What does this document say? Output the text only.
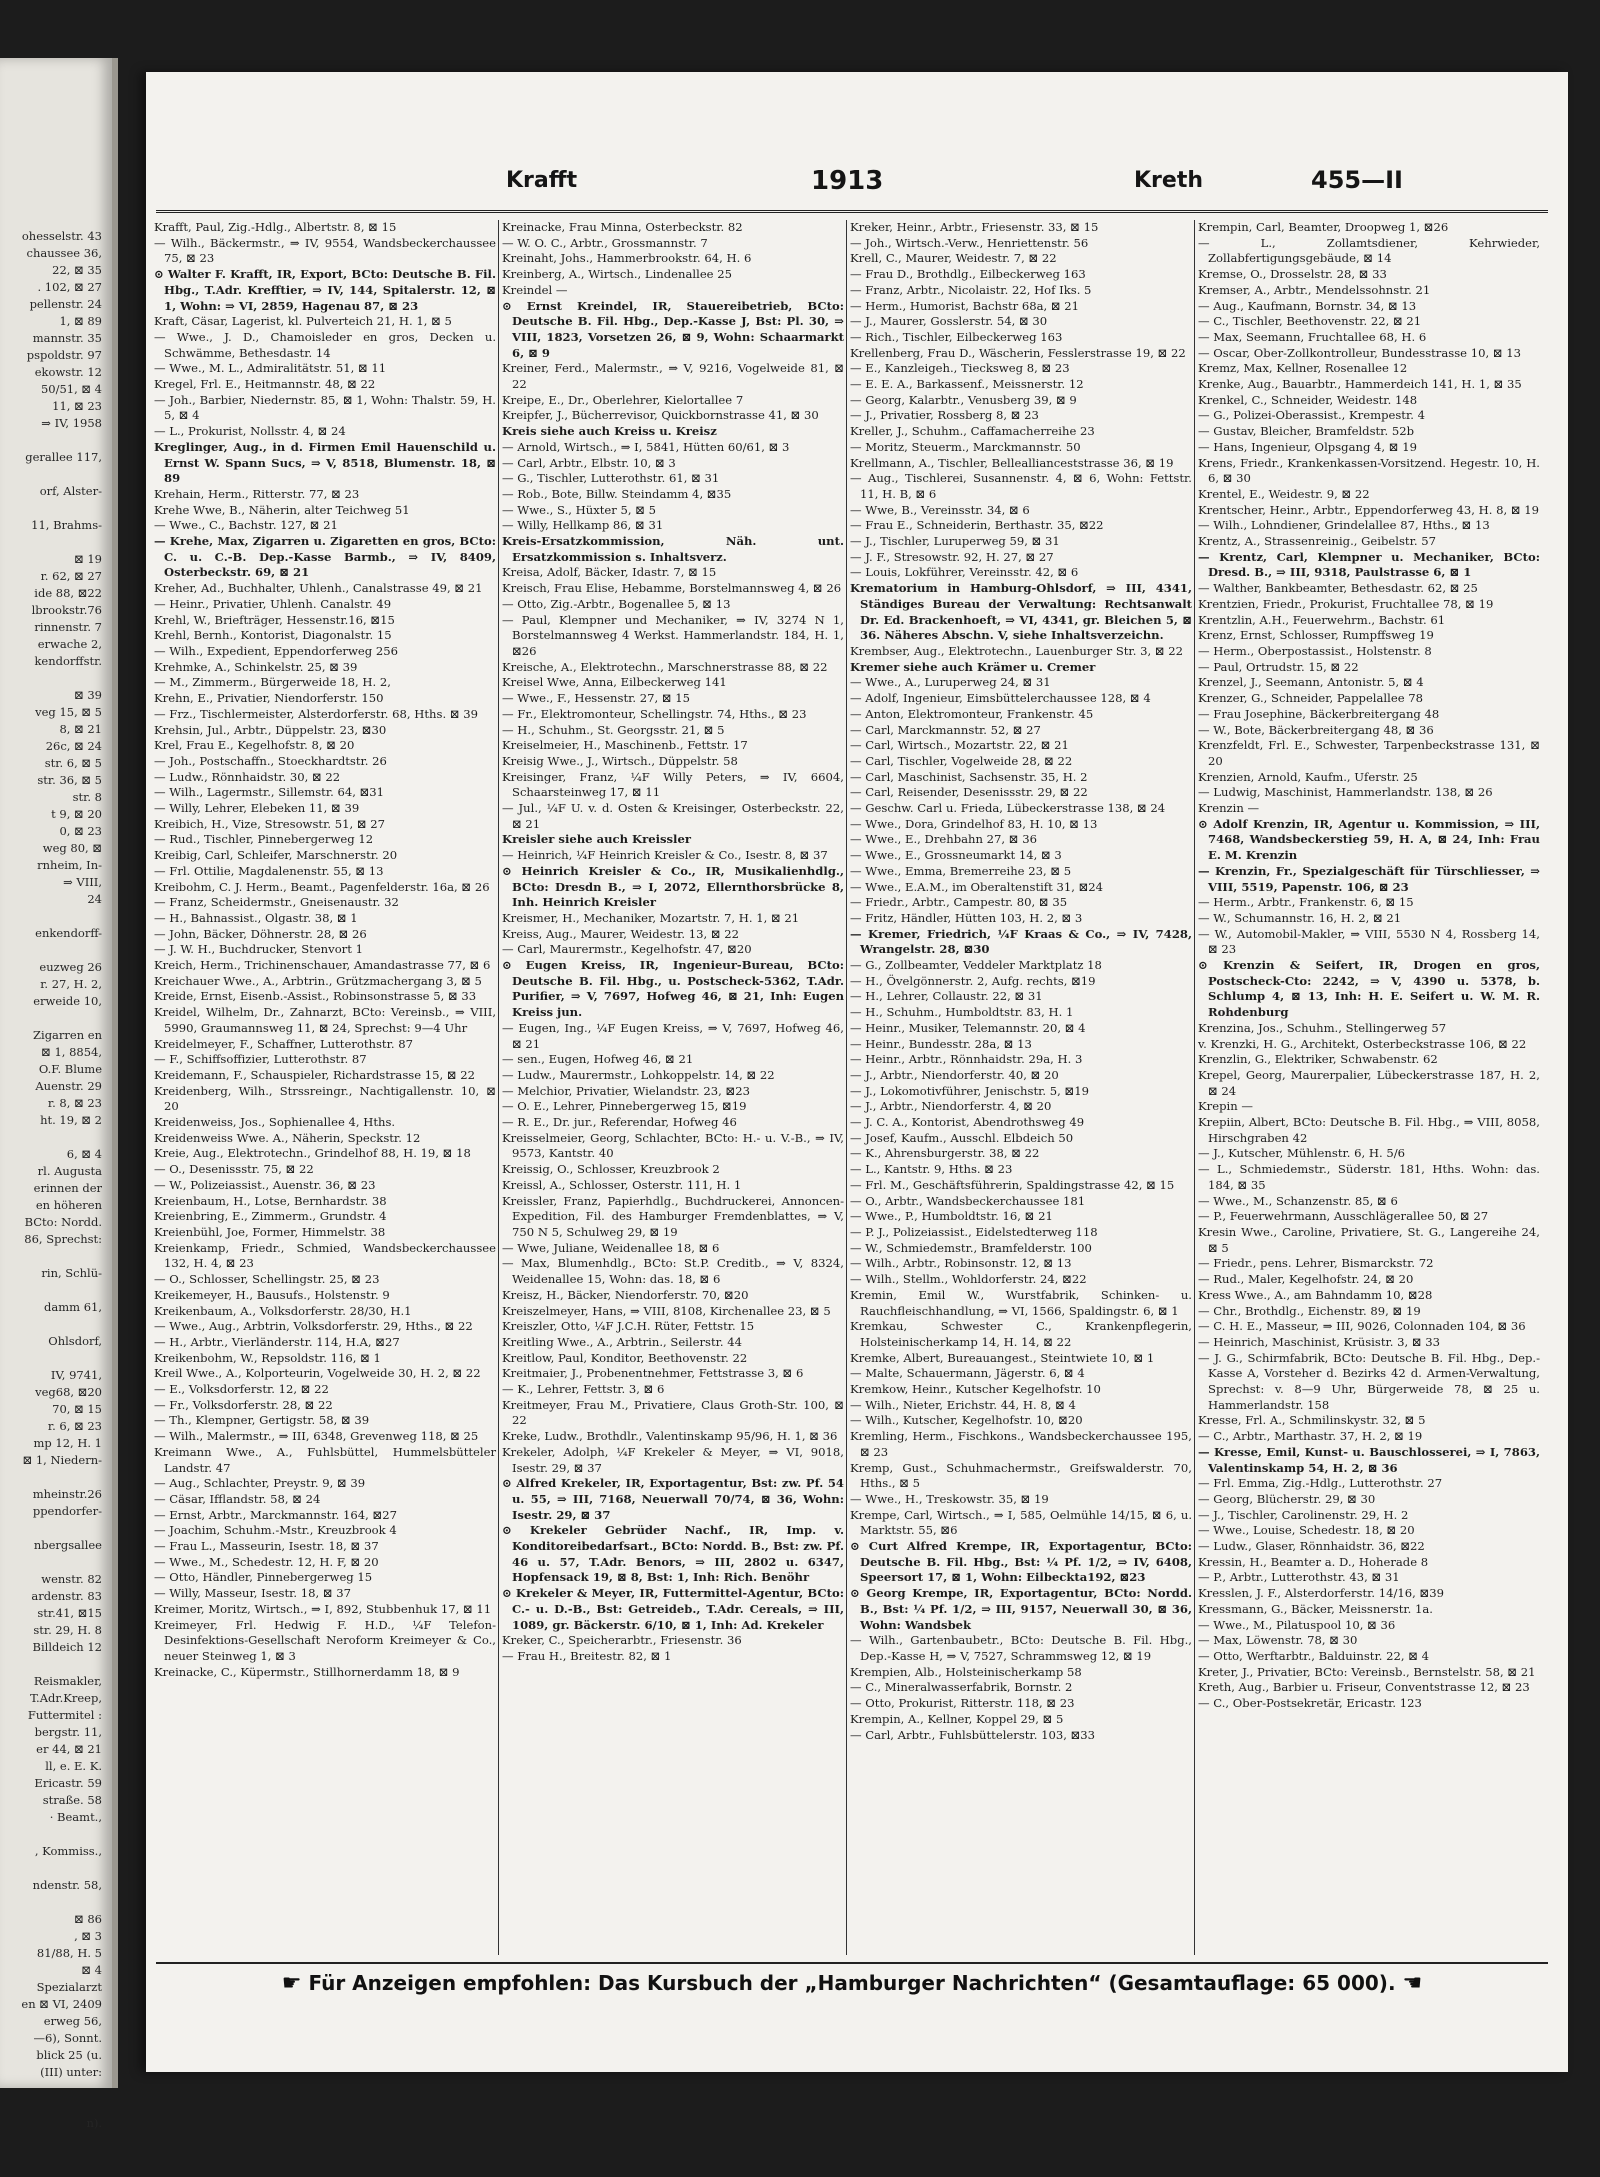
ohesselstr. 43
chaussee 36,
22, ⊠ 35
. 102, ⊠ 27
pellenstr. 24
1, ⊠ 89
mannstr. 35
pspoldstr. 97
ekowstr. 12
50/51, ⊠ 4
11, ⊠ 23
⇒ IV, 1958

gerallee 117,

orf, Alster-

11, Brahms-

⊠ 19
r. 62, ⊠ 27
ide 88, ⊠22
lbrookstr.76
rinnenstr. 7
erwache 2,
kendorffstr.

⊠ 39
veg 15, ⊠ 5
8, ⊠ 21
26c, ⊠ 24
str. 6, ⊠ 5
str. 36, ⊠ 5
str. 8
t 9, ⊠ 20
0, ⊠ 23
weg 80, ⊠
rnheim, In-
⇒ VIII,
24

enkendorff-

euzweg 26
r. 27, H. 2,
erweide 10,

Zigarren en
⊠ 1, 8854,
O.F. Blume
Auenstr. 29
r. 8, ⊠ 23
ht. 19, ⊠ 2

6, ⊠ 4
rl. Augusta
erinnen der
en höheren
BCto: Nordd.
86, Sprechst:

rin, Schlü-

damm 61,

Ohlsdorf,

IV, 9741,
veg68, ⊠20
70, ⊠ 15
r. 6, ⊠ 23
mp 12, H. 1
⊠ 1, Niedern-

mheinstr.26
ppendorfer-

nbergsallee

wenstr. 82
ardenstr. 83
str.41, ⊠15
str. 29, H. 8
Billdeich 12

Reismakler,
T.Adr.Kreep,
Futtermitel :
bergstr. 11,
er 44, ⊠ 21
ll, e. E. K.
Ericastr. 59
straße. 58
· Beamt.,

, Kommiss.,

ndenstr. 58,

⊠ 86
, ⊠ 3
81/88, H. 5
⊠ 4
Spezialarzt
en ⊠ VI, 2409
erweg 56,
—6), Sonnt.
blick 25 (u.
(III) unter:

n).
Krafft	1913	Kreth	455—II

Krafft, Paul, Zig.-Hdlg., Albertstr. 8, ⊠ 15

— Wilh., Bäckermstr., ⇒ IV, 9554, Wandsbeckerchaussee 75, ⊠ 23

⊙ Walter F. Krafft, IR, Export, BCto: Deutsche B. Fil. Hbg., T.Adr. Krefftier, ⇒ IV, 144, Spitalerstr. 12, ⊠ 1, Wohn: ⇒ VI, 2859, Hagenau 87, ⊠ 23

Kraft, Cäsar, Lagerist, kl. Pulverteich 21, H. 1, ⊠ 5

— Wwe., J. D., Chamoisleder en gros, Decken u. Schwämme, Bethesdastr. 14

— Wwe., M. L., Admiralitätstr. 51, ⊠ 11

Kregel, Frl. E., Heitmannstr. 48, ⊠ 22

— Joh., Barbier, Niedernstr. 85, ⊠ 1, Wohn: Thalstr. 59, H. 5, ⊠ 4

— L., Prokurist, Nollsstr. 4, ⊠ 24

Kreglinger, Aug., in d. Firmen Emil Hauenschild u. Ernst W. Spann Sucs, ⇒ V, 8518, Blumenstr. 18, ⊠ 89

Krehain, Herm., Ritterstr. 77, ⊠ 23

Krehe Wwe, B., Näherin, alter Teichweg 51

— Wwe., C., Bachstr. 127, ⊠ 21

— Krehe, Max, Zigarren u. Zigaretten en gros, BCto: C. u. C.-B. Dep.-Kasse Barmb., ⇒ IV, 8409, Osterbeckstr. 69, ⊠ 21

Kreher, Ad., Buchhalter, Uhlenh., Canalstrasse 49, ⊠ 21

— Heinr., Privatier, Uhlenh. Canalstr. 49

Krehl, W., Briefträger, Hessenstr.16, ⊠15

Krehl, Bernh., Kontorist, Diagonalstr. 15

— Wilh., Expedient, Eppendorferweg 256

Krehmke, A., Schinkelstr. 25, ⊠ 39

— M., Zimmerm., Bürgerweide 18, H. 2,

Krehn, E., Privatier, Niendorferstr. 150

— Frz., Tischlermeister, Alsterdorferstr. 68, Hths. ⊠ 39

Krehsin, Jul., Arbtr., Düppelstr. 23, ⊠30

Krel, Frau E., Kegelhofstr. 8, ⊠ 20

— Joh., Postschaffn., Stoeckhardtstr. 26

— Ludw., Rönnhaidstr. 30, ⊠ 22

— Wilh., Lagermstr., Sillemstr. 64, ⊠31

— Willy, Lehrer, Elebeken 11, ⊠ 39

Kreibich, H., Vize, Stresowstr. 51, ⊠ 27

— Rud., Tischler, Pinnebergerweg 12

Kreibig, Carl, Schleifer, Marschnerstr. 20

— Frl. Ottilie, Magdalenenstr. 55, ⊠ 13

Kreibohm, C. J. Herm., Beamt., Pagenfelderstr. 16a, ⊠ 26

— Franz, Scheidermstr., Gneisenaustr. 32

— H., Bahnassist., Olgastr. 38, ⊠ 1

— John, Bäcker, Döhnerstr. 28, ⊠ 26

— J. W. H., Buchdrucker, Stenvort 1

Kreich, Herm., Trichinenschauer, Amandastrasse 77, ⊠ 6

Kreichauer Wwe., A., Arbtrin., Grützmachergang 3, ⊠ 5

Kreide, Ernst, Eisenb.-Assist., Robinsonstrasse 5, ⊠ 33

Kreidel, Wilhelm, Dr., Zahnarzt, BCto: Vereinsb., ⇒ VIII, 5990, Graumannsweg 11, ⊠ 24, Sprechst: 9—4 Uhr

Kreidelmeyer, F., Schaffner, Lutterothstr. 87

— F., Schiffsoffizier, Lutterothstr. 87

Kreidemann, F., Schauspieler, Richardstrasse 15, ⊠ 22

Kreidenberg, Wilh., Strssreingr., Nachtigallenstr. 10, ⊠ 20

Kreidenweiss, Jos., Sophienallee 4, Hths.

Kreidenweiss Wwe. A., Näherin, Speckstr. 12

Kreie, Aug., Elektrotechn., Grindelhof 88, H. 19, ⊠ 18

— O., Desenissstr. 75, ⊠ 22

— W., Polizeiassist., Auenstr. 36, ⊠ 23

Kreienbaum, H., Lotse, Bernhardstr. 38

Kreienbring, E., Zimmerm., Grundstr. 4

Kreienbühl, Joe, Former, Himmelstr. 38

Kreienkamp, Friedr., Schmied, Wandsbeckerchaussee 132, H. 4, ⊠ 23

— O., Schlosser, Schellingstr. 25, ⊠ 23

Kreikemeyer, H., Bausufs., Holstenstr. 9

Kreikenbaum, A., Volksdorferstr. 28/30, H.1

— Wwe., Aug., Arbtrin, Volksdorferstr. 29, Hths., ⊠ 22

— H., Arbtr., Vierländerstr. 114, H.A, ⊠27

Kreikenbohm, W., Repsoldstr. 116, ⊠ 1

Kreil Wwe., A., Kolporteurin, Vogelweide 30, H. 2, ⊠ 22

— E., Volksdorferstr. 12, ⊠ 22

— Fr., Volksdorferstr. 28, ⊠ 22

— Th., Klempner, Gertigstr. 58, ⊠ 39

— Wilh., Malermstr., ⇒ III, 6348, Grevenweg 118, ⊠ 25

Kreimann Wwe., A., Fuhlsbüttel, Hummelsbütteler Landstr. 47

— Aug., Schlachter, Preystr. 9, ⊠ 39

— Cäsar, Ifflandstr. 58, ⊠ 24

— Ernst, Arbtr., Marckmannstr. 164, ⊠27

— Joachim, Schuhm.-Mstr., Kreuzbrook 4

— Frau L., Masseurin, Isestr. 18, ⊠ 37

— Wwe., M., Schedestr. 12, H. F, ⊠ 20

— Otto, Händler, Pinnebergerweg 15

— Willy, Masseur, Isestr. 18, ⊠ 37

Kreimer, Moritz, Wirtsch., ⇒ I, 892, Stubbenhuk 17, ⊠ 11

Kreimeyer, Frl. Hedwig F. H.D., ¼F Telefon-Desinfektions-Gesellschaft Neroform Kreimeyer & Co., neuer Steinweg 1, ⊠ 3

Kreinacke, C., Küpermstr., Stillhornerdamm 18, ⊠ 9

Kreinacke, Frau Minna, Osterbeckstr. 82

— W. O. C., Arbtr., Grossmannstr. 7

Kreinaht, Johs., Hammerbrookstr. 64, H. 6

Kreinberg, A., Wirtsch., Lindenallee 25

Kreindel —

⊙ Ernst Kreindel, IR, Stauereibetrieb, BCto: Deutsche B. Fil. Hbg., Dep.-Kasse J, Bst: Pl. 30, ⇒ VIII, 1823, Vorsetzen 26, ⊠ 9, Wohn: Schaarmarkt 6, ⊠ 9

Kreiner, Ferd., Malermstr., ⇒ V, 9216, Vogelweide 81, ⊠ 22

Kreipe, E., Dr., Oberlehrer, Kielortallee 7

Kreipfer, J., Bücherrevisor, Quickbornstrasse 41, ⊠ 30

Kreis siehe auch Kreiss u. Kreisz

— Arnold, Wirtsch., ⇒ I, 5841, Hütten 60/61, ⊠ 3

— Carl, Arbtr., Elbstr. 10, ⊠ 3

— G., Tischler, Lutterothstr. 61, ⊠ 31

— Rob., Bote, Billw. Steindamm 4, ⊠35

— Wwe., S., Hüxter 5, ⊠ 5

— Willy, Hellkamp 86, ⊠ 31

Kreis-Ersatzkommission, Näh. unt. Ersatzkommission s. Inhaltsverz.

Kreisa, Adolf, Bäcker, Idastr. 7, ⊠ 15

Kreisch, Frau Elise, Hebamme, Borstelmannsweg 4, ⊠ 26

— Otto, Zig.-Arbtr., Bogenallee 5, ⊠ 13

— Paul, Klempner und Mechaniker, ⇒ IV, 3274 N 1, Borstelmannsweg 4 Werkst. Hammerlandstr. 184, H. 1, ⊠26

Kreische, A., Elektrotechn., Marschnerstrasse 88, ⊠ 22

Kreisel Wwe, Anna, Eilbeckerweg 141

— Wwe., F., Hessenstr. 27, ⊠ 15

— Fr., Elektromonteur, Schellingstr. 74, Hths., ⊠ 23

— H., Schuhm., St. Georgsstr. 21, ⊠ 5

Kreiselmeier, H., Maschinenb., Fettstr. 17

Kreisig Wwe., J., Wirtsch., Düppelstr. 58

Kreisinger, Franz, ¼F Willy Peters, ⇒ IV, 6604, Schaarsteinweg 17, ⊠ 11

— Jul., ¼F U. v. d. Osten & Kreisinger, Osterbeckstr. 22, ⊠ 21

Kreisler siehe auch Kreissler

— Heinrich, ¼F Heinrich Kreisler & Co., Isestr. 8, ⊠ 37

⊙ Heinrich Kreisler & Co., IR, Musikalienhdlg., BCto: Dresdn B., ⇒ I, 2072, Ellernthorsbrücke 8, Inh. Heinrich Kreisler

Kreismer, H., Mechaniker, Mozartstr. 7, H. 1, ⊠ 21

Kreiss, Aug., Maurer, Weidestr. 13, ⊠ 22

— Carl, Maurermstr., Kegelhofstr. 47, ⊠20

⊙ Eugen Kreiss, IR, Ingenieur-Bureau, BCto: Deutsche B. Fil. Hbg., u. Postscheck-5362, T.Adr. Purifier, ⇒ V, 7697, Hofweg 46, ⊠ 21, Inh: Eugen Kreiss jun.

— Eugen, Ing., ¼F Eugen Kreiss, ⇒ V, 7697, Hofweg 46, ⊠ 21

— sen., Eugen, Hofweg 46, ⊠ 21

— Ludw., Maurermstr., Lohkoppelstr. 14, ⊠ 22

— Melchior, Privatier, Wielandstr. 23, ⊠23

— O. E., Lehrer, Pinnebergerweg 15, ⊠19

— R. E., Dr. jur., Referendar, Hofweg 46

Kreisselmeier, Georg, Schlachter, BCto: H.- u. V.-B., ⇒ IV, 9573, Kantstr. 40

Kreissig, O., Schlosser, Kreuzbrook 2

Kreissl, A., Schlosser, Osterstr. 111, H. 1

Kreissler, Franz, Papierhdlg., Buchdruckerei, Annoncen-Expedition, Fil. des Hamburger Fremdenblattes, ⇒ V, 750 N 5, Schulweg 29, ⊠ 19

— Wwe, Juliane, Weidenallee 18, ⊠ 6

— Max, Blumenhdlg., BCto: St.P. Creditb., ⇒ V, 8324, Weidenallee 15, Wohn: das. 18, ⊠ 6

Kreisz, H., Bäcker, Niendorferstr. 70, ⊠20

Kreiszelmeyer, Hans, ⇒ VIII, 8108, Kirchenallee 23, ⊠ 5

Kreiszler, Otto, ¼F J.C.H. Rüter, Fettstr. 15

Kreitling Wwe., A., Arbtrin., Seilerstr. 44

Kreitlow, Paul, Konditor, Beethovenstr. 22

Kreitmaier, J., Probenentnehmer, Fettstrasse 3, ⊠ 6

— K., Lehrer, Fettstr. 3, ⊠ 6

Kreitmeyer, Frau M., Privatiere, Claus Groth-Str. 100, ⊠ 22

Kreke, Ludw., Brothdlr., Valentinskamp 95/96, H. 1, ⊠ 36

Krekeler, Adolph, ¼F Krekeler & Meyer, ⇒ VI, 9018, Isestr. 29, ⊠ 37

⊙ Alfred Krekeler, IR, Exportagentur, Bst: zw. Pf. 54 u. 55, ⇒ III, 7168, Neuerwall 70/74, ⊠ 36, Wohn: Isestr. 29, ⊠ 37

⊙ Krekeler Gebrüder Nachf., IR, Imp. v. Konditoreibedarfsart., BCto: Nordd. B., Bst: zw. Pf. 46 u. 57, T.Adr. Benors, ⇒ III, 2802 u. 6347, Hopfensack 19, ⊠ 8, Bst: 1, Inh: Rich. Benöhr

⊙ Krekeler & Meyer, IR, Futtermittel-Agentur, BCto: C.- u. D.-B., Bst: Getreideb., T.Adr. Cereals, ⇒ III, 1089, gr. Bäckerstr. 6/10, ⊠ 1, Inh: Ad. Krekeler

Kreker, C., Speicherarbtr., Friesenstr. 36

— Frau H., Breitestr. 82, ⊠ 1

Kreker, Heinr., Arbtr., Friesenstr. 33, ⊠ 15

— Joh., Wirtsch.-Verw., Henriettenstr. 56

Krell, C., Maurer, Weidestr. 7, ⊠ 22

— Frau D., Brothdlg., Eilbeckerweg 163

— Franz, Arbtr., Nicolaistr. 22, Hof Iks. 5

— Herm., Humorist, Bachstr 68a, ⊠ 21

— J., Maurer, Gosslerstr. 54, ⊠ 30

— Rich., Tischler, Eilbeckerweg 163

Krellenberg, Frau D., Wäscherin, Fesslerstrasse 19, ⊠ 22

— E., Kanzleigeh., Tiecksweg 8, ⊠ 23

— E. E. A., Barkassenf., Meissnerstr. 12

— Georg, Kalarbtr., Venusberg 39, ⊠ 9

— J., Privatier, Rossberg 8, ⊠ 23

Kreller, J., Schuhm., Caffamacherreihe 23

— Moritz, Steuerm., Marckmannstr. 50

Krellmann, A., Tischler, Belleallianceststrasse 36, ⊠ 19

— Aug., Tischlerei, Susannenstr. 4, ⊠ 6, Wohn: Fettstr. 11, H. B, ⊠ 6

— Wwe, B., Vereinsstr. 34, ⊠ 6

— Frau E., Schneiderin, Berthastr. 35, ⊠22

— J., Tischler, Luruperweg 59, ⊠ 31

— J. F., Stresowstr. 92, H. 27, ⊠ 27

— Louis, Lokführer, Vereinsstr. 42, ⊠ 6

Krematorium in Hamburg-Ohlsdorf, ⇒ III, 4341, Ständiges Bureau der Verwaltung: Rechtsanwalt Dr. Ed. Brackenhoeft, ⇒ VI, 4341, gr. Bleichen 5, ⊠ 36. Näheres Abschn. V, siehe Inhaltsverzeichn.

Krembser, Aug., Elektrotechn., Lauenburger Str. 3, ⊠ 22

Kremer siehe auch Krämer u. Cremer

— Wwe., A., Luruperweg 24, ⊠ 31

— Adolf, Ingenieur, Eimsbüttelerchaussee 128, ⊠ 4

— Anton, Elektromonteur, Frankenstr. 45

— Carl, Marckmannstr. 52, ⊠ 27

— Carl, Wirtsch., Mozartstr. 22, ⊠ 21

— Carl, Tischler, Vogelweide 28, ⊠ 22

— Carl, Maschinist, Sachsenstr. 35, H. 2

— Carl, Reisender, Desenissstr. 29, ⊠ 22

— Geschw. Carl u. Frieda, Lübeckerstrasse 138, ⊠ 24

— Wwe., Dora, Grindelhof 83, H. 10, ⊠ 13

— Wwe., E., Drehbahn 27, ⊠ 36

— Wwe., E., Grossneumarkt 14, ⊠ 3

— Wwe., Emma, Bremerreihe 23, ⊠ 5

— Wwe., E.A.M., im Oberaltenstift 31, ⊠24

— Friedr., Arbtr., Campestr. 80, ⊠ 35

— Fritz, Händler, Hütten 103, H. 2, ⊠ 3

— Kremer, Friedrich, ¼F Kraas & Co., ⇒ IV, 7428, Wrangelstr. 28, ⊠30

— G., Zollbeamter, Veddeler Marktplatz 18

— H., Övelgönnerstr. 2, Aufg. rechts, ⊠19

— H., Lehrer, Collaustr. 22, ⊠ 31

— H., Schuhm., Humboldtstr. 83, H. 1

— Heinr., Musiker, Telemannstr. 20, ⊠ 4

— Heinr., Bundesstr. 28a, ⊠ 13

— Heinr., Arbtr., Rönnhaidstr. 29a, H. 3

— J., Arbtr., Niendorferstr. 40, ⊠ 20

— J., Lokomotivführer, Jenischstr. 5, ⊠19

— J., Arbtr., Niendorferstr. 4, ⊠ 20

— J. C. A., Kontorist, Abendrothsweg 49

— Josef, Kaufm., Ausschl. Elbdeich 50

— K., Ahrensburgerstr. 38, ⊠ 22

— L., Kantstr. 9, Hths. ⊠ 23

— Frl. M., Geschäftsführerin, Spaldingstrasse 42, ⊠ 15

— O., Arbtr., Wandsbeckerchaussee 181

— Wwe., P., Humboldtstr. 16, ⊠ 21

— P. J., Polizeiassist., Eidelstedterweg 118

— W., Schmiedemstr., Bramfelderstr. 100

— Wilh., Arbtr., Robinsonstr. 12, ⊠ 13

— Wilh., Stellm., Wohldorferstr. 24, ⊠22

Kremin, Emil W., Wurstfabrik, Schinken- u. Rauchfleischhandlung, ⇒ VI, 1566, Spaldingstr. 6, ⊠ 1

Kremkau, Schwester C., Krankenpflegerin, Holsteinischerkamp 14, H. 14, ⊠ 22

Kremke, Albert, Bureauangest., Steintwiete 10, ⊠ 1

— Malte, Schauermann, Jägerstr. 6, ⊠ 4

Kremkow, Heinr., Kutscher Kegelhofstr. 10

— Wilh., Nieter, Erichstr. 44, H. 8, ⊠ 4

— Wilh., Kutscher, Kegelhofstr. 10, ⊠20

Kremling, Herm., Fischkons., Wandsbeckerchaussee 195, ⊠ 23

Kremp, Gust., Schuhmachermstr., Greifswalderstr. 70, Hths., ⊠ 5

— Wwe., H., Treskowstr. 35, ⊠ 19

Krempe, Carl, Wirtsch., ⇒ I, 585, Oelmühle 14/15, ⊠ 6, u. Marktstr. 55, ⊠6

⊙ Curt Alfred Krempe, IR, Exportagentur, BCto: Deutsche B. Fil. Hbg., Bst: ¼ Pf. 1/2, ⇒ IV, 6408, Speersort 17, ⊠ 1, Wohn: Eilbeckta192, ⊠23

⊙ Georg Krempe, IR, Exportagentur, BCto: Nordd. B., Bst: ¼ Pf. 1/2, ⇒ III, 9157, Neuerwall 30, ⊠ 36, Wohn: Wandsbek

— Wilh., Gartenbaubetr., BCto: Deutsche B. Fil. Hbg., Dep.-Kasse H, ⇒ V, 7527, Schrammsweg 12, ⊠ 19

Krempien, Alb., Holsteinischerkamp 58

— C., Mineralwasserfabrik, Bornstr. 2

— Otto, Prokurist, Ritterstr. 118, ⊠ 23

Krempin, A., Kellner, Koppel 29, ⊠ 5

— Carl, Arbtr., Fuhlsbüttelerstr. 103, ⊠33

Krempin, Carl, Beamter, Droopweg 1, ⊠26

— L., Zollamtsdiener, Kehrwieder, Zollabfertigungsgebäude, ⊠ 14

Kremse, O., Drosselstr. 28, ⊠ 33

Kremser, A., Arbtr., Mendelssohnstr. 21

— Aug., Kaufmann, Bornstr. 34, ⊠ 13

— C., Tischler, Beethovenstr. 22, ⊠ 21

— Max, Seemann, Fruchtallee 68, H. 6

— Oscar, Ober-Zollkontrolleur, Bundesstrasse 10, ⊠ 13

Kremz, Max, Kellner, Rosenallee 12

Krenke, Aug., Bauarbtr., Hammerdeich 141, H. 1, ⊠ 35

Krenkel, C., Schneider, Weidestr. 148

— G., Polizei-Oberassist., Krempestr. 4

— Gustav, Bleicher, Bramfeldstr. 52b

— Hans, Ingenieur, Olpsgang 4, ⊠ 19

Krens, Friedr., Krankenkassen-Vorsitzend. Hegestr. 10, H. 6, ⊠ 30

Krentel, E., Weidestr. 9, ⊠ 22

Krentscher, Heinr., Arbtr., Eppendorferweg 43, H. 8, ⊠ 19

— Wilh., Lohndiener, Grindelallee 87, Hths., ⊠ 13

Krentz, A., Strassenreinig., Geibelstr. 57

— Krentz, Carl, Klempner u. Mechaniker, BCto: Dresd. B., ⇒ III, 9318, Paulstrasse 6, ⊠ 1

— Walther, Bankbeamter, Bethesdastr. 62, ⊠ 25

Krentzien, Friedr., Prokurist, Fruchtallee 78, ⊠ 19

Krentzlin, A.H., Feuerwehrm., Bachstr. 61

Krenz, Ernst, Schlosser, Rumpffsweg 19

— Herm., Oberpostassist., Holstenstr. 8

— Paul, Ortrudstr. 15, ⊠ 22

Krenzel, J., Seemann, Antonistr. 5, ⊠ 4

Krenzer, G., Schneider, Pappelallee 78

— Frau Josephine, Bäckerbreitergang 48

— W., Bote, Bäckerbreitergang 48, ⊠ 36

Krenzfeldt, Frl. E., Schwester, Tarpenbeckstrasse 131, ⊠ 20

Krenzien, Arnold, Kaufm., Uferstr. 25

— Ludwig, Maschinist, Hammerlandstr. 138, ⊠ 26

Krenzin —

⊙ Adolf Krenzin, IR, Agentur u. Kommission, ⇒ III, 7468, Wandsbeckerstieg 59, H. A, ⊠ 24, Inh: Frau E. M. Krenzin

— Krenzin, Fr., Spezialgeschäft für Türschliesser, ⇒ VIII, 5519, Papenstr. 106, ⊠ 23

— Herm., Arbtr., Frankenstr. 6, ⊠ 15

— W., Schumannstr. 16, H. 2, ⊠ 21

— W., Automobil-Makler, ⇒ VIII, 5530 N 4, Rossberg 14, ⊠ 23

⊙ Krenzin & Seifert, IR, Drogen en gros, Postscheck-Cto: 2242, ⇒ V, 4390 u. 5378, b. Schlump 4, ⊠ 13, Inh: H. E. Seifert u. W. M. R. Rohdenburg

Krenzina, Jos., Schuhm., Stellingerweg 57

v. Krenzki, H. G., Architekt, Osterbeckstrasse 106, ⊠ 22

Krenzlin, G., Elektriker, Schwabenstr. 62

Krepel, Georg, Maurerpalier, Lübeckerstrasse 187, H. 2, ⊠ 24

Krepin —

Krepiin, Albert, BCto: Deutsche B. Fil. Hbg., ⇒ VIII, 8058, Hirschgraben 42

— J., Kutscher, Mühlenstr. 6, H. 5/6

— L., Schmiedemstr., Süderstr. 181, Hths. Wohn: das. 184, ⊠ 35

— Wwe., M., Schanzenstr. 85, ⊠ 6

— P., Feuerwehrmann, Ausschlägerallee 50, ⊠ 27

Kresin Wwe., Caroline, Privatiere, St. G., Langereihe 24, ⊠ 5

— Friedr., pens. Lehrer, Bismarckstr. 72

— Rud., Maler, Kegelhofstr. 24, ⊠ 20

Kress Wwe., A., am Bahndamm 10, ⊠28

— Chr., Brothdlg., Eichenstr. 89, ⊠ 19

— C. H. E., Masseur, ⇒ III, 9026, Colonnaden 104, ⊠ 36

— Heinrich, Maschinist, Krüsistr. 3, ⊠ 33

— J. G., Schirmfabrik, BCto: Deutsche B. Fil. Hbg., Dep.-Kasse A, Vorsteher d. Bezirks 42 d. Armen-Verwaltung, Sprechst: v. 8—9 Uhr, Bürgerweide 78, ⊠ 25 u. Hammerlandstr. 158

Kresse, Frl. A., Schmilinskystr. 32, ⊠ 5

— C., Arbtr., Marthastr. 37, H. 2, ⊠ 19

— Kresse, Emil, Kunst- u. Bauschlosserei, ⇒ I, 7863, Valentinskamp 54, H. 2, ⊠ 36

— Frl. Emma, Zig.-Hdlg., Lutterothstr. 27

— Georg, Blücherstr. 29, ⊠ 30

— J., Tischler, Carolinenstr. 29, H. 2

— Wwe., Louise, Schedestr. 18, ⊠ 20

— Ludw., Glaser, Rönnhaidstr. 36, ⊠22

Kressin, H., Beamter a. D., Hoherade 8

— P., Arbtr., Lutterothstr. 43, ⊠ 31

Kresslen, J. F., Alsterdorferstr. 14/16, ⊠39

Kressmann, G., Bäcker, Meissnerstr. 1a.

— Wwe., M., Pilatuspool 10, ⊠ 36

— Max, Löwenstr. 78, ⊠ 30

— Otto, Werftarbtr., Balduinstr. 22, ⊠ 4

Kreter, J., Privatier, BCto: Vereinsb., Bernstelstr. 58, ⊠ 21

Kreth, Aug., Barbier u. Friseur, Conventstrasse 12, ⊠ 23

— C., Ober-Postsekretär, Ericastr. 123

☛ Für Anzeigen empfohlen: Das Kursbuch der „Hamburger Nachrichten“ (Gesamtauflage: 65 000). ☚
